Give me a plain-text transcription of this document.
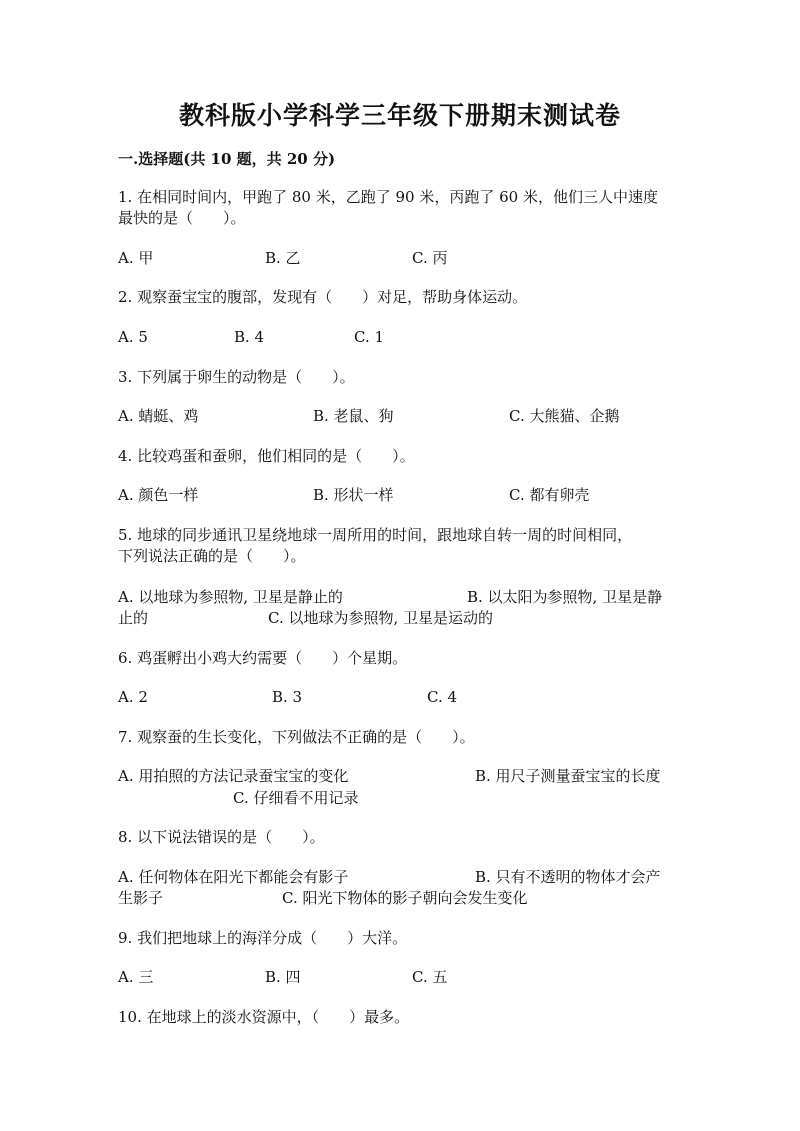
教科版小学科学三年级下册期末测试卷
一.选择题(共 10 题，共 20 分)
1. 在相同时间内，甲跑了 80 米，乙跑了 90 米，丙跑了 60 米，他们三人中速度
最快的是（　　）。
A. 甲	B. 乙	C. 丙
2. 观察蚕宝宝的腹部，发现有（　　）对足，帮助身体运动。
A. 5	B. 4	C. 1
3. 下列属于卵生的动物是（　　）。
A. 蜻蜓、鸡	B. 老鼠、狗	C. 大熊猫、企鹅
4. 比较鸡蛋和蚕卵，他们相同的是（　　）。
A. 颜色一样	B. 形状一样	C. 都有卵壳
5. 地球的同步通讯卫星绕地球一周所用的时间，跟地球自转一周的时间相同，
下列说法正确的是（　　）。
A. 以地球为参照物, 卫星是静止的	B. 以太阳为参照物, 卫星是静
止的	C. 以地球为参照物, 卫星是运动的
6. 鸡蛋孵出小鸡大约需要（　　）个星期。
A. 2	B. 3	C. 4
7. 观察蚕的生长变化，下列做法不正确的是（　　）。
A. 用拍照的方法记录蚕宝宝的变化	B. 用尺子测量蚕宝宝的长度
C. 仔细看不用记录
8. 以下说法错误的是（　　）。
A. 任何物体在阳光下都能会有影子	B. 只有不透明的物体才会产
生影子	C. 阳光下物体的影子朝向会发生变化
9. 我们把地球上的海洋分成（　　）大洋。
A. 三	B. 四	C. 五
10. 在地球上的淡水资源中，（　　）最多。
